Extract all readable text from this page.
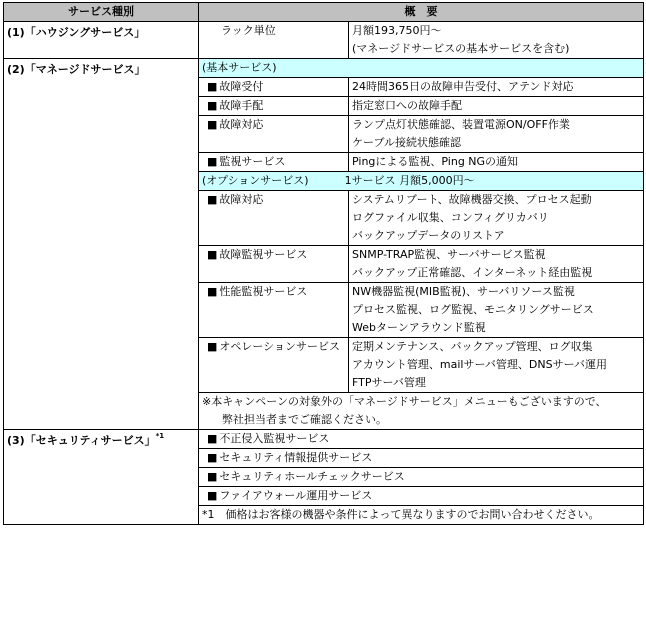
サービス種別	概　要	
(1)「ハウジングサービス」	ラック単位	月額193,750円〜
(マネージドサービスの基本サービスを含む)

(2)「マネージドサービス」	(基本サービス)	
	■ 故障受付	24時間365日の故障申告受付、アテンド対応

	■ 故障手配	指定窓口への故障手配

	■ 故障対応	ランプ点灯状態確認、装置電源ON/OFF作業
ケーブル接続状態確認

	■ 監視サービス	Pingによる監視、Ping NGの通知

	(オプションサービス) 1サービス 月額5,000円〜	
	■ 故障対応	システムリブート、故障機器交換、プロセス起動
ログファイル収集、コンフィグリカバリ
バックアップデータのリストア

	■ 故障監視サービス	SNMP-TRAP監視、サーバサービス監視
バックアップ正常確認、インターネット経由監視

	■ 性能監視サービス	NW機器監視(MIB監視)、サーバリソース監視
プロセス監視、ログ監視、モニタリングサービス
Webターンアラウンド監視

	■ オペレーションサービス	定期メンテナンス、バックアップ管理、ログ収集
アカウント管理、mailサーバ管理、DNSサーバ運用
FTPサーバ管理

	※本キャンペーンの対象外の「マネージドサービス」メニューもございますので、
弊社担当者までご確認ください。	

(3)「セキュリティサービス」$^{*1}$	■ 不正侵入監視サービス	
	■ セキュリティ情報提供サービス	
	■ セキュリティホールチェックサービス	
	■ ファイアウォール運用サービス	
	*1　価格はお客様の機器や条件によって異なりますのでお問い合わせください。	
